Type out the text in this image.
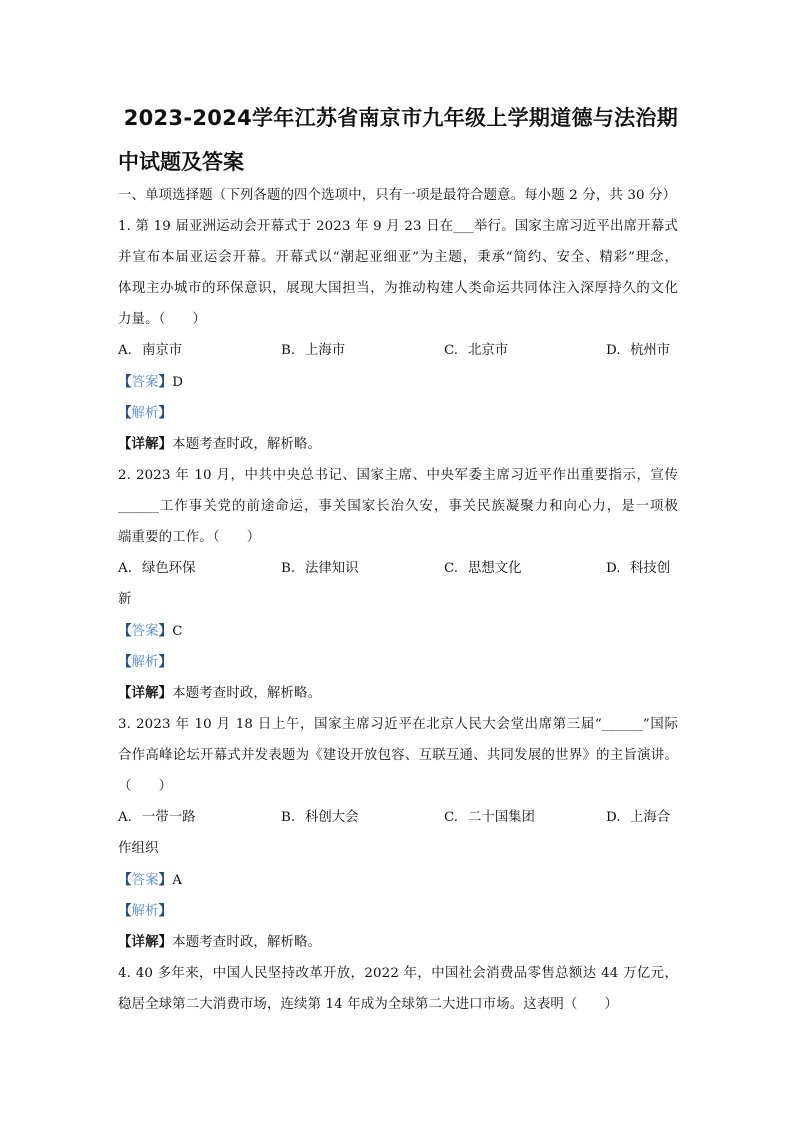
2023-2024学年江苏省南京市九年级上学期道德与法治期
中试题及答案
一、单项选择题（下列各题的四个选项中，只有一项是最符合题意。每小题 2 分，共 30 分）
1. 第 19 届亚洲运动会开幕式于 2023 年 9 月 23 日在___举行。国家主席习近平出席开幕式
并宣布本届亚运会开幕。开幕式以“潮起亚细亚”为主题，秉承“简约、安全、精彩”理念，
体现主办城市的环保意识，展现大国担当，为推动构建人类命运共同体注入深厚持久的文化
力量。（　　）
A. 南京市	B. 上海市	C. 北京市	D. 杭州市
【答案】D
【解析】
【详解】本题考查时政，解析略。
2. 2023 年 10 月，中共中央总书记、国家主席、中央军委主席习近平作出重要指示，宣传
______工作事关党的前途命运，事关国家长治久安，事关民族凝聚力和向心力，是一项极
端重要的工作。（　　）
A. 绿色环保	B. 法律知识	C. 思想文化	D. 科技创
新
【答案】C
【解析】
【详解】本题考查时政，解析略。
3. 2023 年 10 月 18 日上午，国家主席习近平在北京人民大会堂出席第三届“______”国际
合作高峰论坛开幕式并发表题为《建设开放包容、互联互通、共同发展的世界》的主旨演讲。
（　　）
A. 一带一路	B. 科创大会	C. 二十国集团	D. 上海合
作组织
【答案】A
【解析】
【详解】本题考查时政，解析略。
4. 40 多年来，中国人民坚持改革开放，2022 年，中国社会消费品零售总额达 44 万亿元，
稳居全球第二大消费市场，连续第 14 年成为全球第二大进口市场。这表明（　　）
